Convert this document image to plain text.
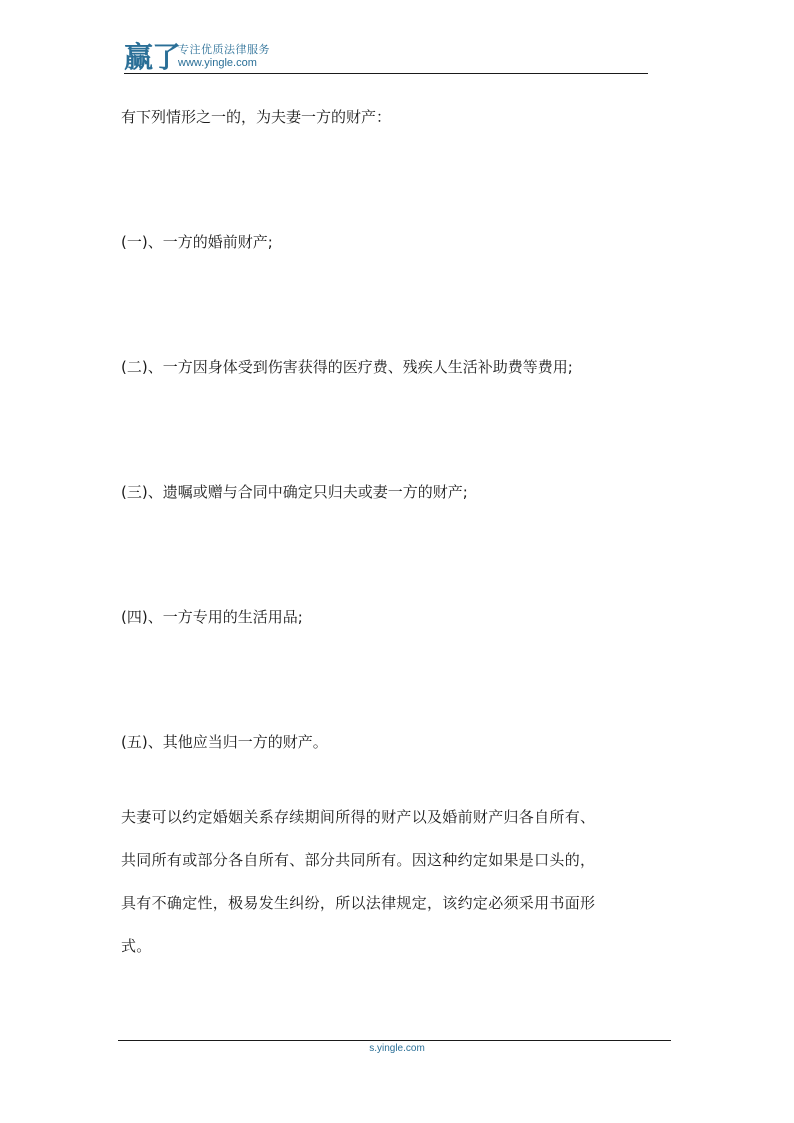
赢了
专注优质法律服务
www.yingle.com

有下列情形之一的，为夫妻一方的财产：

(一)、一方的婚前财产;

(二)、一方因身体受到伤害获得的医疗费、残疾人生活补助费等费用;

(三)、遗嘱或赠与合同中确定只归夫或妻一方的财产;

(四)、一方专用的生活用品;

(五)、其他应当归一方的财产。

夫妻可以约定婚姻关系存续期间所得的财产以及婚前财产归各自所有、
共同所有或部分各自所有、部分共同所有。因这种约定如果是口头的，
具有不确定性，极易发生纠纷，所以法律规定，该约定必须采用书面形
式。
s.yingle.com
